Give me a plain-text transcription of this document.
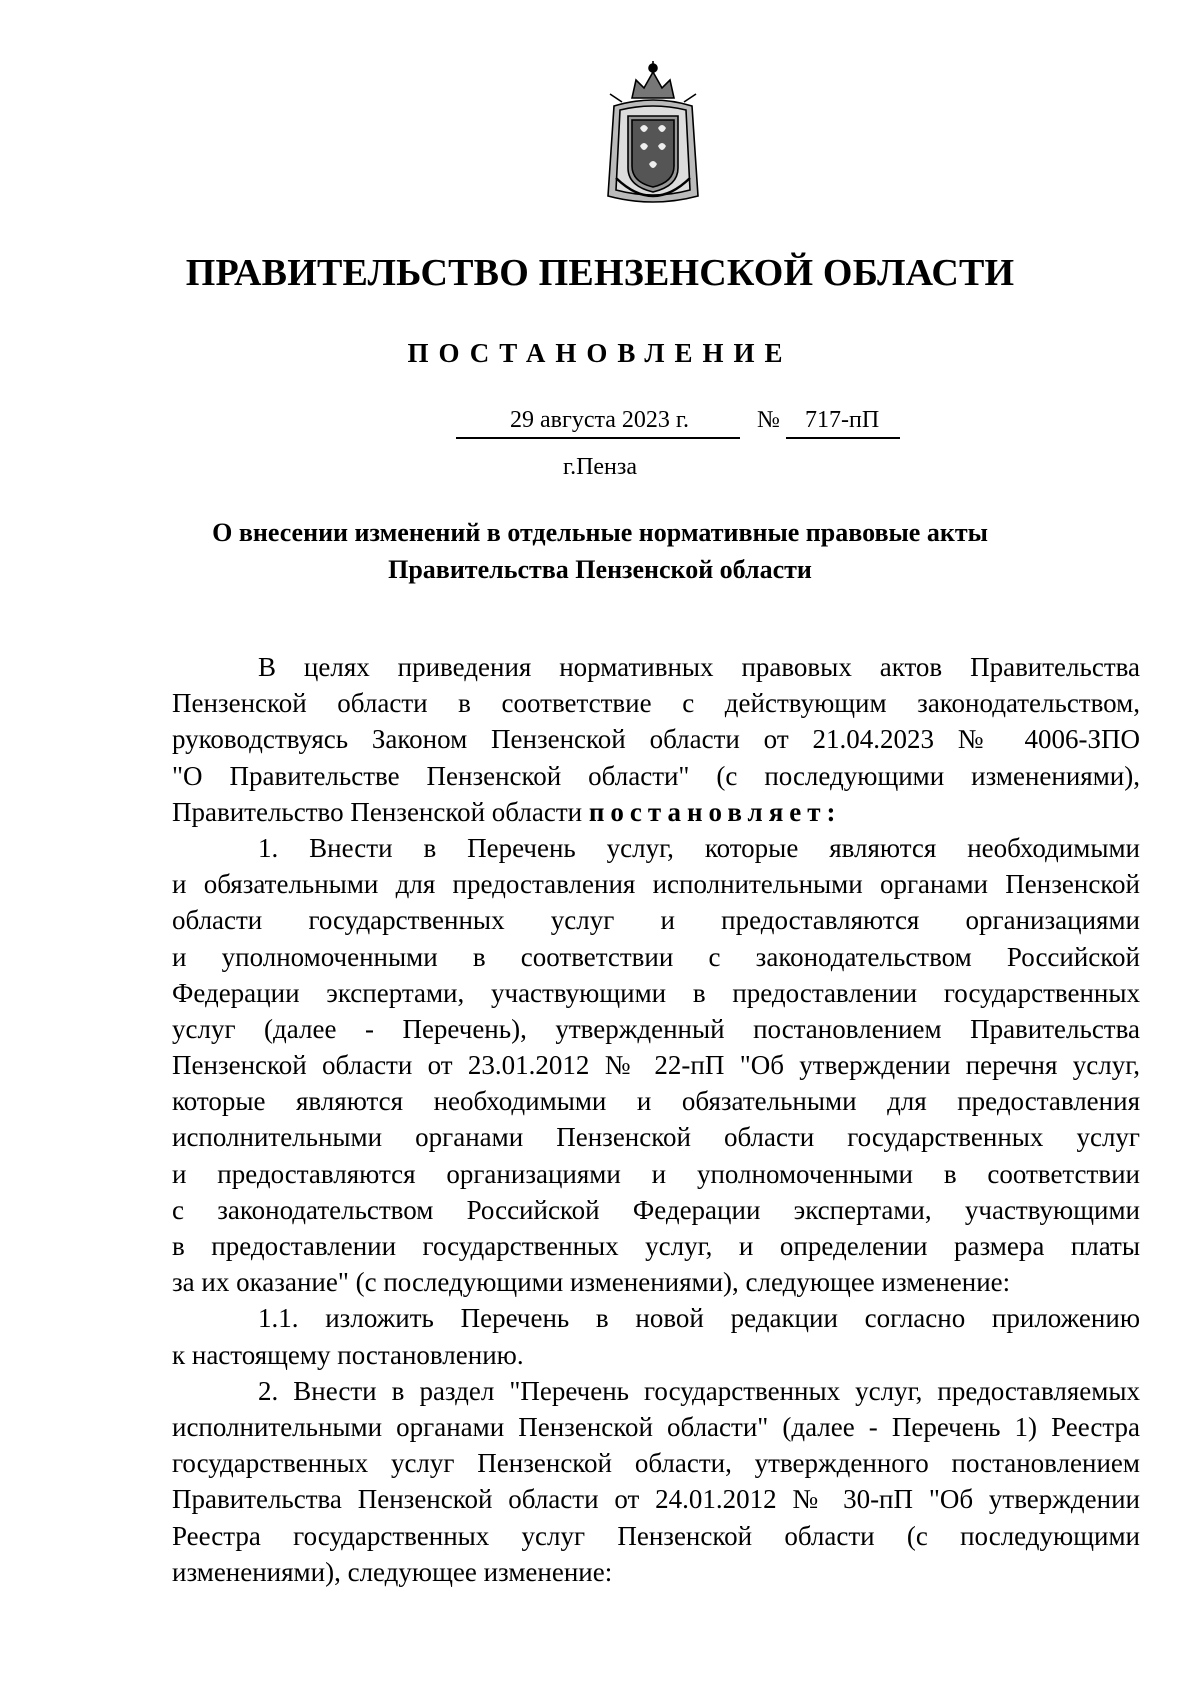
ПРАВИТЕЛЬСТВО ПЕНЗЕНСКОЙ ОБЛАСТИ
ПОСТАНОВЛЕНИЕ
29 августа 2023 г.	№ 717-пП
г.Пенза
О внесении изменений в отдельные нормативные правовые акты
Правительства Пензенской области
В целях приведения нормативных правовых актов Правительства
Пензенской области в соответствие с действующим законодательством,
руководствуясь Законом Пензенской области от 21.04.2023 № 4006-ЗПО
"О Правительстве Пензенской области" (с последующими изменениями),
Правительство Пензенской области постановляет:
1. Внести в Перечень услуг, которые являются необходимыми
и обязательными для предоставления исполнительными органами Пензенской
области государственных услуг и предоставляются организациями
и уполномоченными в соответствии с законодательством Российской
Федерации экспертами, участвующими в предоставлении государственных
услуг (далее - Перечень), утвержденный постановлением Правительства
Пензенской области от 23.01.2012 № 22-пП "Об утверждении перечня услуг,
которые являются необходимыми и обязательными для предоставления
исполнительными органами Пензенской области государственных услуг
и предоставляются организациями и уполномоченными в соответствии
с законодательством Российской Федерации экспертами, участвующими
в предоставлении государственных услуг, и определении размера платы
за их оказание" (с последующими изменениями), следующее изменение:
1.1. изложить Перечень в новой редакции согласно приложению
к настоящему постановлению.
2. Внести в раздел "Перечень государственных услуг, предоставляемых
исполнительными органами Пензенской области" (далее - Перечень 1) Реестра
государственных услуг Пензенской области, утвержденного постановлением
Правительства Пензенской области от 24.01.2012 № 30-пП "Об утверждении
Реестра государственных услуг Пензенской области (с последующими
изменениями), следующее изменение:
